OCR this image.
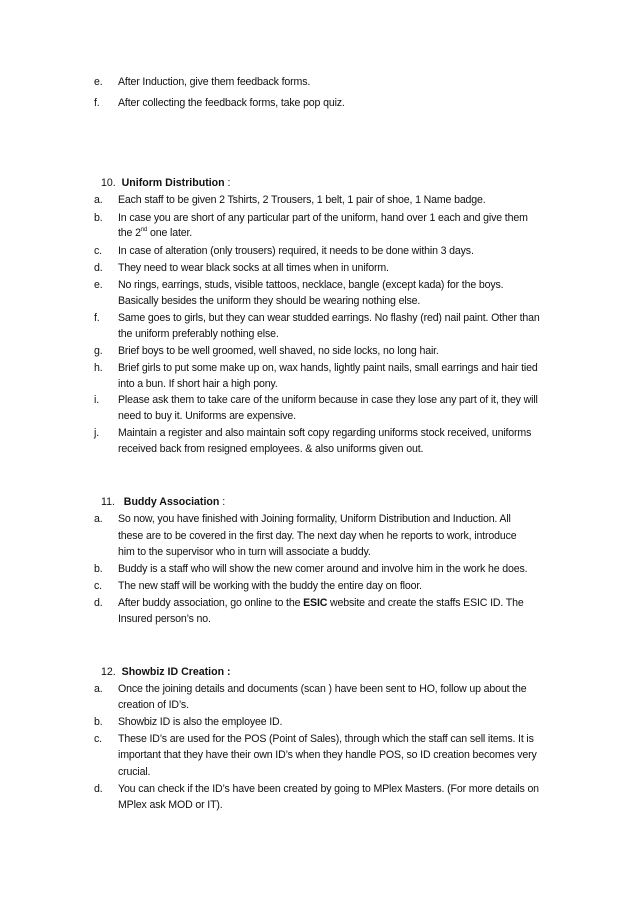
e. After Induction, give them feedback forms.
f. After collecting the feedback forms, take pop quiz.
10. Uniform Distribution :
a. Each staff to be given 2 Tshirts, 2 Trousers, 1 belt, 1 pair of shoe, 1 Name badge.
b. In case you are short of any particular part of the uniform, hand over 1 each and give them
the 2nd one later.
c. In case of alteration (only trousers) required, it needs to be done within 3 days.
d. They need to wear black socks at all times when in uniform.
e. No rings, earrings, studs, visible tattoos, necklace, bangle (except kada) for the boys.
Basically besides the uniform they should be wearing nothing else.
f. Same goes to girls, but they can wear studded earrings. No flashy (red) nail paint. Other than
the uniform preferably nothing else.
g. Brief boys to be well groomed, well shaved, no side locks, no long hair.
h. Brief girls to put some make up on, wax hands, lightly paint nails, small earrings and hair tied
into a bun. If short hair a high pony.
i. Please ask them to take care of the uniform because in case they lose any part of it, they will
need to buy it. Uniforms are expensive.
j. Maintain a register and also maintain soft copy regarding uniforms stock received, uniforms
received back from resigned employees. & also uniforms given out.
11. Buddy Association :
a. So now, you have finished with Joining formality, Uniform Distribution and Induction. All
these are to be covered in the first day. The next day when he reports to work, introduce
him to the supervisor who in turn will associate a buddy.
b. Buddy is a staff who will show the new comer around and involve him in the work he does.
c. The new staff will be working with the buddy the entire day on floor.
d. After buddy association, go online to the ESIC website and create the staffs ESIC ID. The
Insured person’s no.
12. Showbiz ID Creation :
a. Once the joining details and documents (scan ) have been sent to HO, follow up about the
creation of ID’s.
b. Showbiz ID is also the employee ID.
c. These ID’s are used for the POS (Point of Sales), through which the staff can sell items. It is
important that they have their own ID’s when they handle POS, so ID creation becomes very
crucial.
d. You can check if the ID’s have been created by going to MPlex Masters. (For more details on
MPlex ask MOD or IT).
